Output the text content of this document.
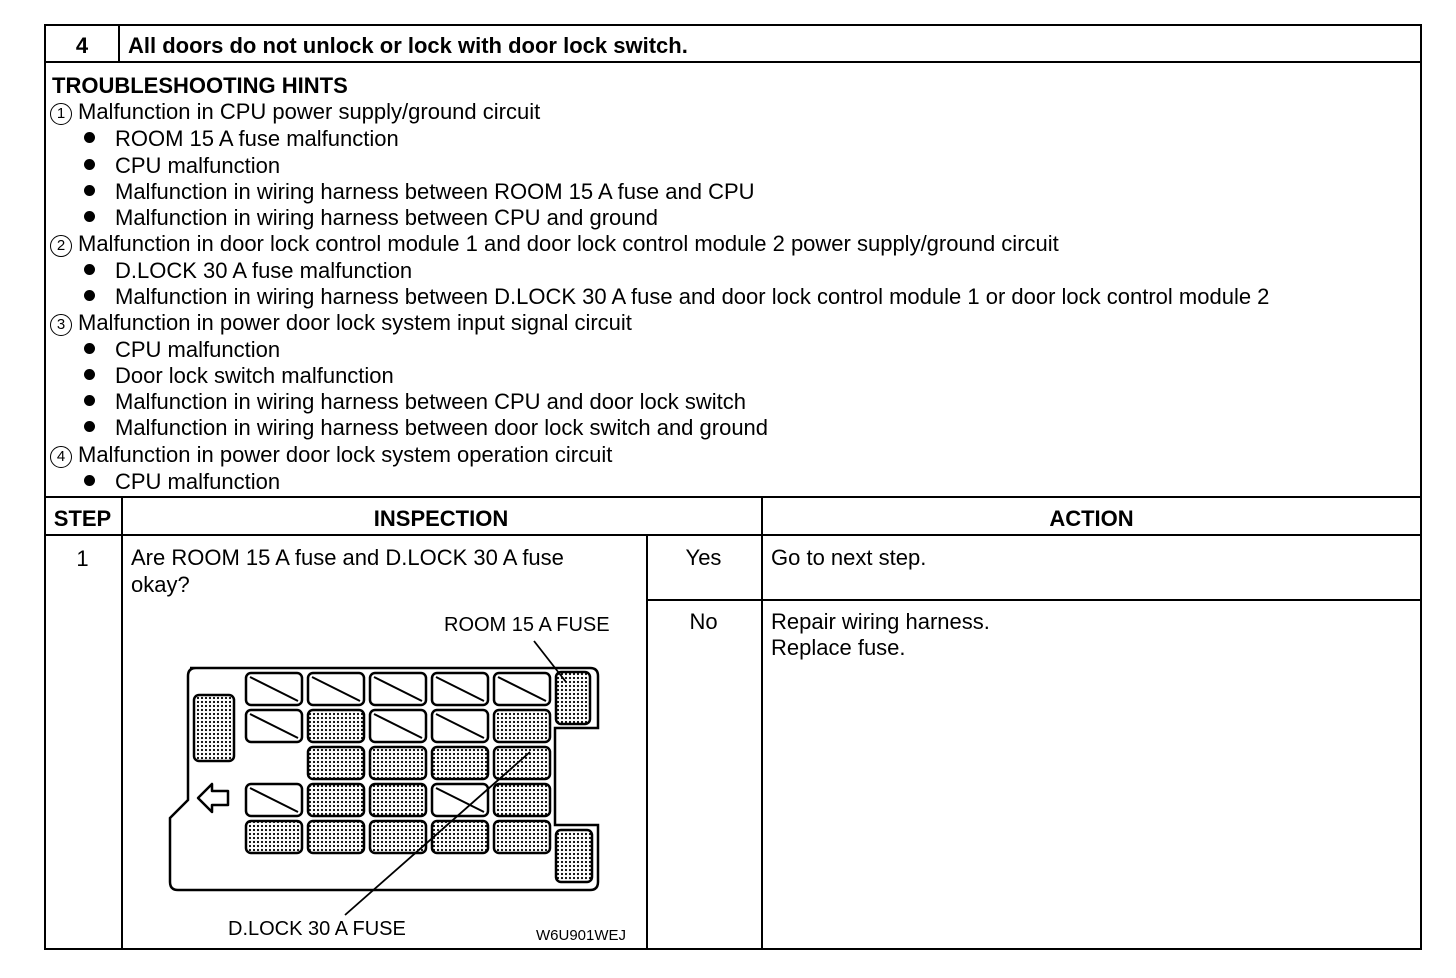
4	All doors do not unlock or lock with door lock switch.
TROUBLESHOOTING HINTS
1 Malfunction in CPU power supply/ground circuit
ROOM 15 A fuse malfunction
CPU malfunction
Malfunction in wiring harness between ROOM 15 A fuse and CPU
Malfunction in wiring harness between CPU and ground
2 Malfunction in door lock control module 1 and door lock control module 2 power supply/ground circuit
D.LOCK 30 A fuse malfunction
Malfunction in wiring harness between D.LOCK 30 A fuse and door lock control module 1 or door lock control module 2
3 Malfunction in power door lock system input signal circuit
CPU malfunction
Door lock switch malfunction
Malfunction in wiring harness between CPU and door lock switch
Malfunction in wiring harness between door lock switch and ground
4 Malfunction in power door lock system operation circuit
CPU malfunction
STEP	INSPECTION	ACTION
1	Are ROOM 15 A fuse and D.LOCK 30 A fuse
okay?
Yes	Go to next step.
No	Repair wiring harness.
Replace fuse.
ROOM 15 A FUSE
D.LOCK 30 A FUSE	W6U901WEJ
